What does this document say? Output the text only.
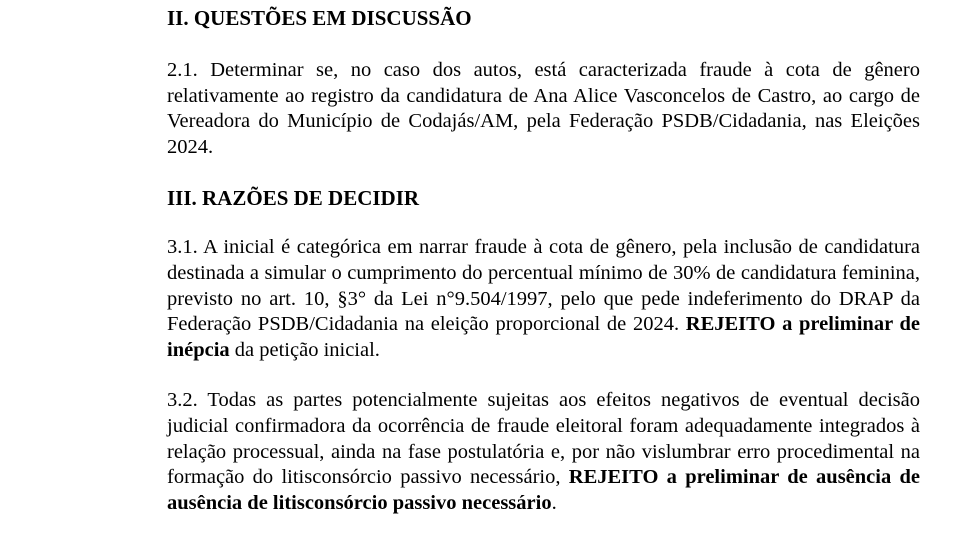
II. QUESTÕES EM DISCUSSÃO

2.1. Determinar se, no caso dos autos, está caracterizada fraude à cota de gênero relativamente ao registro da candidatura de Ana Alice Vasconcelos de Castro, ao cargo de Vereadora do Município de Codajás/AM, pela Federação PSDB/Cidadania, nas Eleições 2024.

III. RAZÕES DE DECIDIR

3.1. A inicial é categórica em narrar fraude à cota de gênero, pela inclusão de candidatura destinada a simular o cumprimento do percentual mínimo de 30% de candidatura feminina, previsto no art. 10, §3° da Lei n°9.504/1997, pelo que pede indeferimento do DRAP da Federação PSDB/Cidadania na eleição proporcional de 2024. REJEITO a preliminar de inépcia da petição inicial.

3.2. Todas as partes potencialmente sujeitas aos efeitos negativos de eventual decisão judicial confirmadora da ocorrência de fraude eleitoral foram adequadamente integrados à relação processual, ainda na fase postulatória e, por não vislumbrar erro procedimental na formação do litisconsórcio passivo necessário, REJEITO a preliminar de ausência de ausência de litisconsórcio passivo necessário.
